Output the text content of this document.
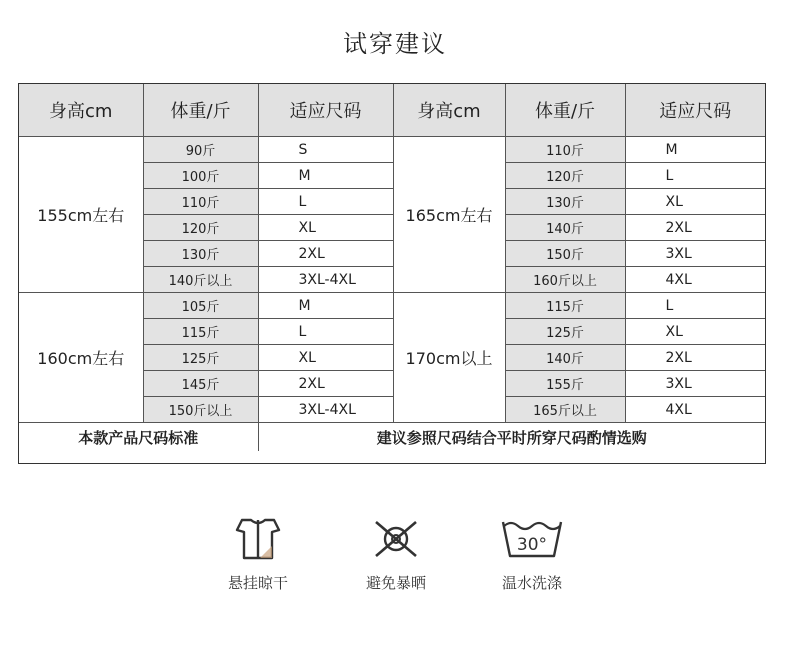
试穿建议
身高cm	体重/斤	适应尺码	身高cm	体重/斤	适应尺码
155cm左右	90斤	S	165cm左右	110斤	M
	100斤	M		120斤	L
	110斤	L		130斤	XL
	120斤	XL		140斤	2XL
	130斤	2XL		150斤	3XL
	140斤以上	3XL-4XL		160斤以上	4XL
160cm左右	105斤	M	170cm以上	115斤	L
	115斤	L		125斤	XL
	125斤	XL		140斤	2XL
	145斤	2XL		155斤	3XL
	150斤以上	3XL-4XL		165斤以上	4XL
本款产品尺码标准		建议参照尺码结合平时所穿尺码酌情选购			
悬挂晾干	避免暴晒
30°
温水洗涤
